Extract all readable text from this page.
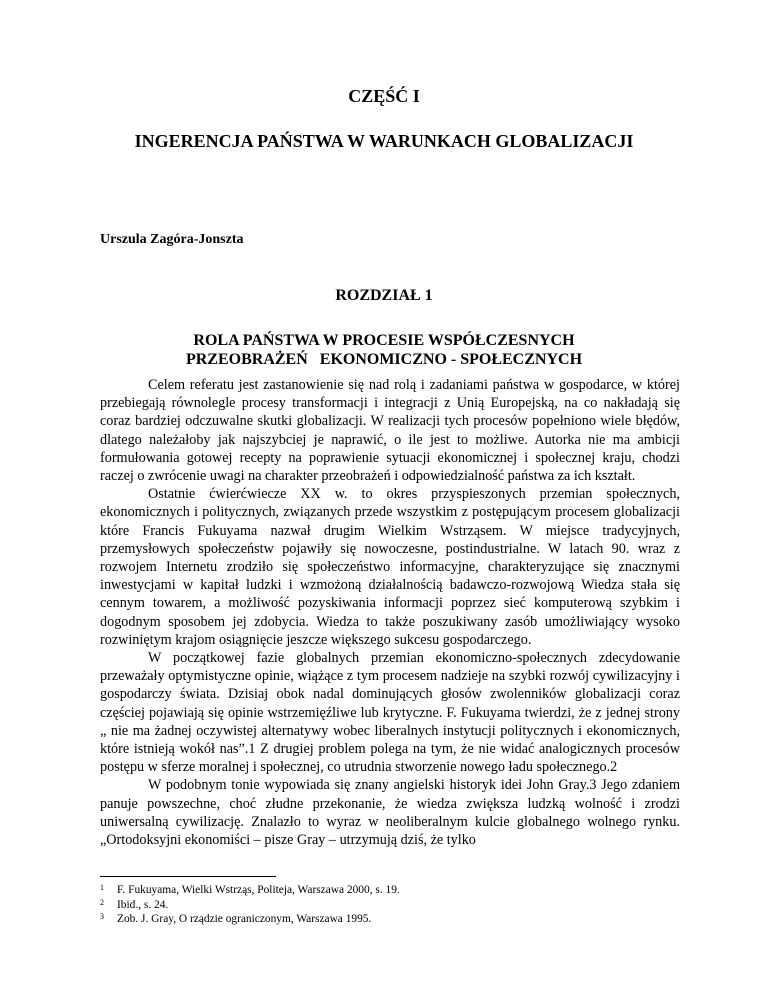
CZĘŚĆ I
INGERENCJA PAŃSTWA W WARUNKACH GLOBALIZACJI

Urszula Zagóra-Jonszta

ROZDZIAŁ 1
ROLA PAŃSTWA W PROCESIE WSPÓŁCZESNYCH
PRZEOBRAŻEŃ   EKONOMICZNO - SPOŁECZNYCH

Celem referatu jest zastanowienie się nad rolą i zadaniami państwa w gospodarce, w której przebiegają równolegle procesy transformacji i integracji z Unią Europejską, na co nakładają się coraz bardziej odczuwalne skutki globalizacji. W realizacji tych procesów popełniono wiele błędów, dlatego należałoby jak najszybciej je naprawić, o ile jest to możliwe. Autorka nie ma ambicji formułowania gotowej recepty na poprawienie sytuacji ekonomicznej i społecznej kraju, chodzi raczej o zwrócenie uwagi na charakter przeobrażeń i odpowiedzialność państwa za ich kształt.

Ostatnie ćwierćwiecze XX w. to okres przyspieszonych przemian społecznych, ekonomicznych i politycznych, związanych przede wszystkim z postępującym procesem globalizacji które Francis Fukuyama nazwał drugim Wielkim Wstrząsem. W miejsce tradycyjnych, przemysłowych społeczeństw pojawiły się nowoczesne, postindustrialne. W latach 90. wraz z rozwojem Internetu zrodziło się społeczeństwo informacyjne, charakteryzujące się znacznymi inwestycjami w kapitał ludzki i wzmożoną działalnością badawczo-rozwojową Wiedza stała się cennym towarem, a możliwość pozyskiwania informacji poprzez sieć komputerową szybkim i dogodnym sposobem jej zdobycia. Wiedza to także poszukiwany zasób umożliwiający wysoko rozwiniętym krajom osiągnięcie jeszcze większego sukcesu gospodarczego.

W początkowej fazie globalnych przemian ekonomiczno-społecznych zdecydowanie przeważały optymistyczne opinie, wiążące z tym procesem nadzieje na szybki rozwój cywilizacyjny i gospodarczy świata. Dzisiaj obok nadal dominujących głosów zwolenników globalizacji coraz częściej pojawiają się opinie wstrzemięźliwe lub krytyczne. F. Fukuyama twierdzi, że z jednej strony „ nie ma żadnej oczywistej alternatywy wobec liberalnych instytucji politycznych i ekonomicznych, które istnieją wokół nas”.1 Z drugiej problem polega na tym, że nie widać analogicznych procesów postępu w sferze moralnej i społecznej, co utrudnia stworzenie nowego ładu społecznego.2

W podobnym tonie wypowiada się znany angielski historyk idei John Gray.3 Jego zdaniem panuje powszechne, choć złudne przekonanie, że wiedza zwiększa ludzką wolność i zrodzi uniwersalną cywilizację. Znalazło to wyraz w neoliberalnym kulcie globalnego wolnego rynku. „Ortodoksyjni ekonomiści – pisze Gray – utrzymują dziś, że tylko

1	F. Fukuyama, Wielki Wstrząs, Politeja, Warszawa 2000, s. 19.

2	Ibid., s. 24.

3	Zob. J. Gray, O rządzie ograniczonym, Warszawa 1995.
